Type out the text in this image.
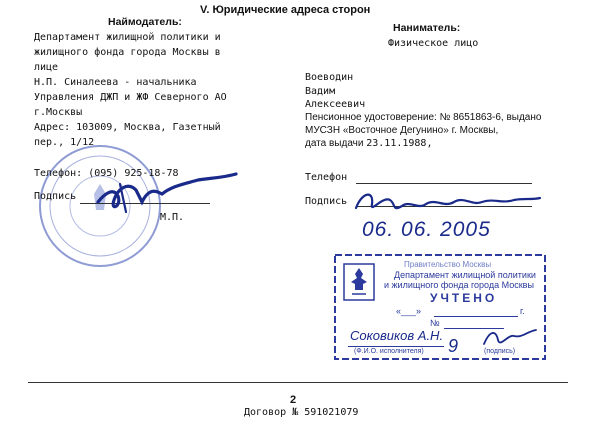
V. Юридические адреса сторон
Наймодатель:
Департамент жилищной политики и
жилищного фонда города Москвы в
лице
Н.П. Синалеева - начальника
Управления ДЖП и ЖФ Северного АО
г.Москвы
Адрес: 103009, Москва, Газетный
пер., 1/12
Телефон: (095) 925-18-78
Подпись
М.П.
Наниматель:
Физическое лицо
Воеводин
Вадим
Алексеевич
Пенсионное удостоверение: № 8651863-6, выдано
МУСЗН «Восточное Дегунино» г. Москвы,
дата выдачи 23.11.1988,
Телефон
Подпись
06. 06. 2005
Правительство Москвы
Департамент жилищной политики
и жилищного фонда города Москвы
УЧТЕНО
«___»	г.
№
Соковиков А.Н.
9
(Ф.И.О. исполнителя)	(подпись)
2
Договор № 591021079
